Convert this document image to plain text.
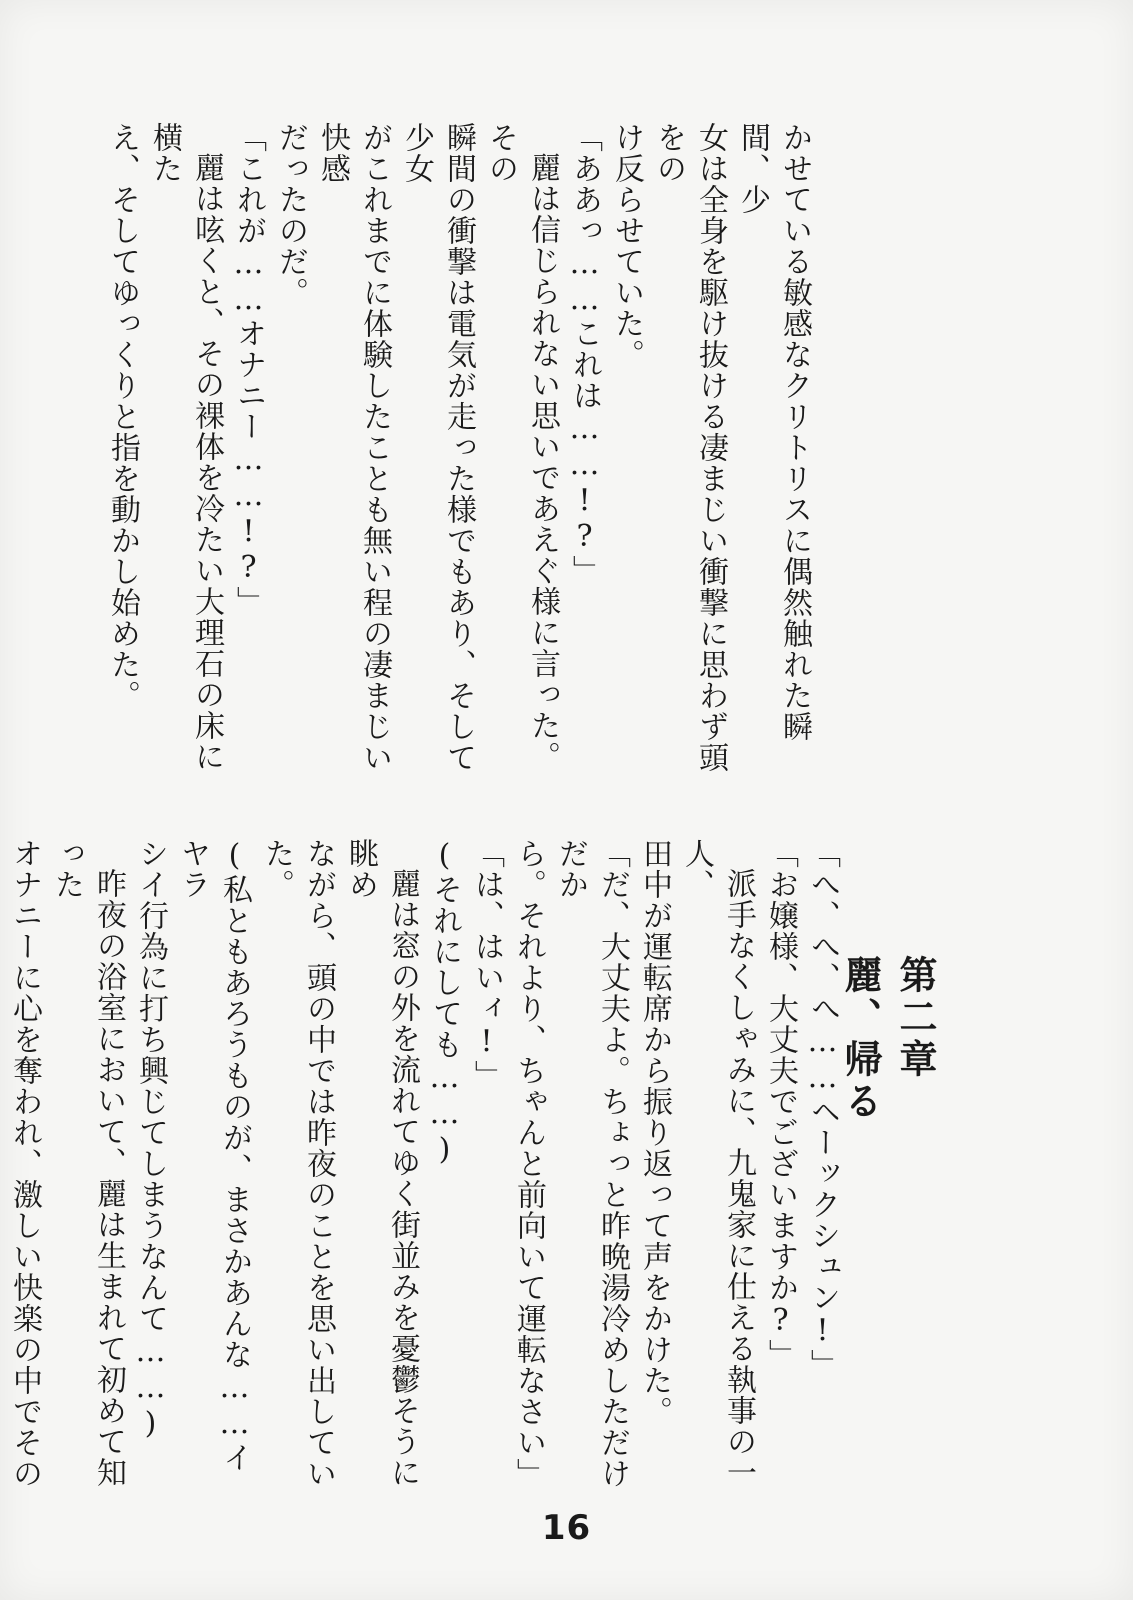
かせている敏感なクリトリスに偶然触れた瞬間、少

女は全身を駆け抜ける凄まじい衝撃に思わず頭をの

け反らせていた。

「ああっ……これは……!?」

麗は信じられない思いであえぐ様に言った。その

瞬間の衝撃は電気が走った様でもあり、そして少女

がこれまでに体験したことも無い程の凄まじい快感

だったのだ。

「これが……オナニー……!?」

麗は呟くと、その裸体を冷たい大理石の床に横た

え、そしてゆっくりと指を動かし始めた。

第二章　麗、帰る

「へ、へ、へ……ヘーックシュン!」

「お嬢様、大丈夫でございますか?」

派手なくしゃみに、九鬼家に仕える執事の一人、

田中が運転席から振り返って声をかけた。

「だ、大丈夫よ。ちょっと昨晩湯冷めしただけだか

ら。それより、ちゃんと前向いて運転なさい」

「は、はいィ!」

(それにしても……)

麗は窓の外を流れてゆく街並みを憂鬱そうに眺め

ながら、頭の中では昨夜のことを思い出していた。

(私ともあろうものが、まさかあんな……イヤラ

シイ行為に打ち興じてしまうなんて……)

昨夜の浴室において、麗は生まれて初めて知った

オナニーに心を奪われ、激しい快楽の中でその

16
